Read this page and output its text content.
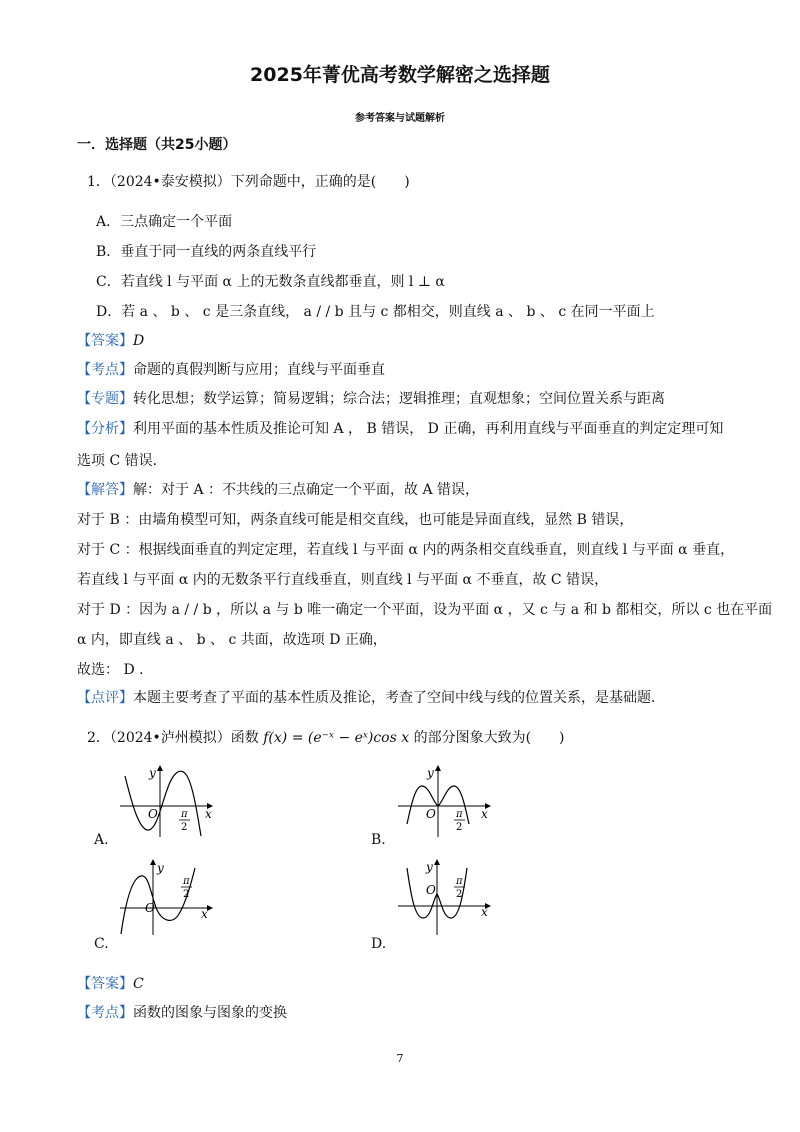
2025年菁优高考数学解密之选择题
参考答案与试题解析
一．选择题（共25小题）
1．（2024•泰安模拟）下列命题中，正确的是(  )
A．三点确定一个平面
B．垂直于同一直线的两条直线平行
C．若直线 l 与平面 α 上的无数条直线都垂直，则 l ⊥ α
D．若 a 、 b 、 c 是三条直线， a / / b 且与 c 都相交，则直线 a 、 b 、 c 在同一平面上
【答案】D
【考点】命题的真假判断与应用；直线与平面垂直
【专题】转化思想；数学运算；简易逻辑；综合法；逻辑推理；直观想象；空间位置关系与距离
【分析】利用平面的基本性质及推论可知 A ， B 错误， D 正确，再利用直线与平面垂直的判定定理可知
选项 C 错误．
【解答】解：对于 A ：不共线的三点确定一个平面，故 A 错误，
对于 B ：由墙角模型可知，两条直线可能是相交直线，也可能是异面直线，显然 B 错误，
对于 C ：根据线面垂直的判定定理，若直线 l 与平面 α 内的两条相交直线垂直，则直线 l 与平面 α 垂直，
若直线 l 与平面 α 内的无数条平行直线垂直，则直线 l 与平面 α 不垂直，故 C 错误，
对于 D ：因为 a / / b ，所以 a 与 b 唯一确定一个平面，设为平面 α ，又 c 与 a 和 b 都相交，所以 c 也在平面
α 内，即直线 a 、 b 、 c 共面，故选项 D 正确，
故选： D ．
【点评】本题主要考查了平面的基本性质及推论，考查了空间中线与线的位置关系，是基础题．
2．（2024•泸州模拟）函数 f(x) = (e⁻ˣ − eˣ)cos x 的部分图象大致为(  )
y
O	x
π
2
A.
y
O	x
π
2
B.
y
O	x
π
2
C.
y
O
x
π
2
D.
【答案】C
【考点】函数的图象与图象的变换
7
